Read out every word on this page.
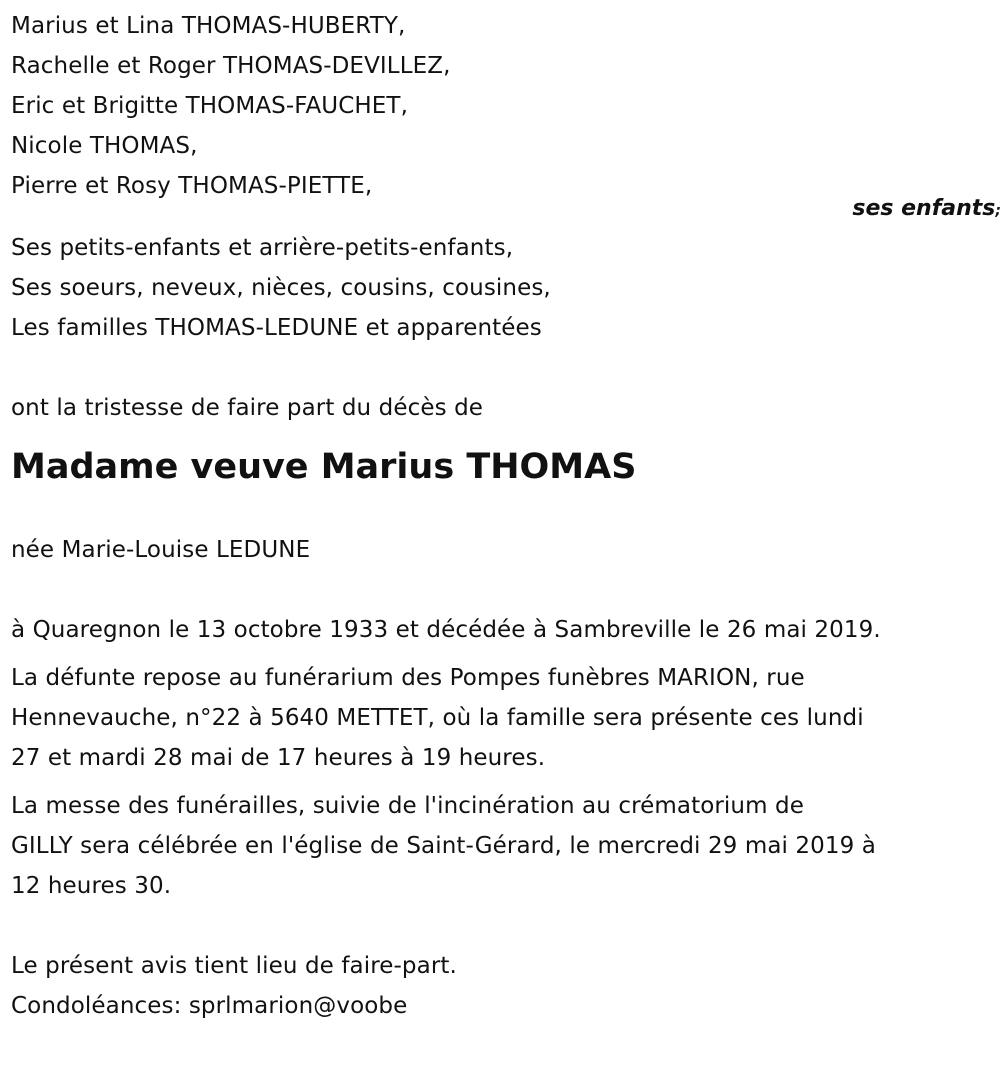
Marius et Lina THOMAS-HUBERTY,
Rachelle et Roger THOMAS-DEVILLEZ,
Eric et Brigitte THOMAS-FAUCHET,
Nicole THOMAS,
Pierre et Rosy THOMAS-PIETTE,
ses enfants;
Ses petits-enfants et arrière-petits-enfants,
Ses soeurs, neveux, nièces, cousins, cousines,
Les familles THOMAS-LEDUNE et apparentées
ont la tristesse de faire part du décès de
Madame veuve Marius THOMAS
née Marie-Louise LEDUNE
à Quaregnon le 13 octobre 1933 et décédée à Sambreville le 26 mai 2019.
La défunte repose au funérarium des Pompes funèbres MARION, rue
Hennevauche, n°22 à 5640 METTET, où la famille sera présente ces lundi
27 et mardi 28 mai de 17 heures à 19 heures.
La messe des funérailles, suivie de l'incinération au crématorium de
GILLY sera célébrée en l'église de Saint-Gérard, le mercredi 29 mai 2019 à
12 heures 30.
Le présent avis tient lieu de faire-part.
Condoléances: sprlmarion@voobe
